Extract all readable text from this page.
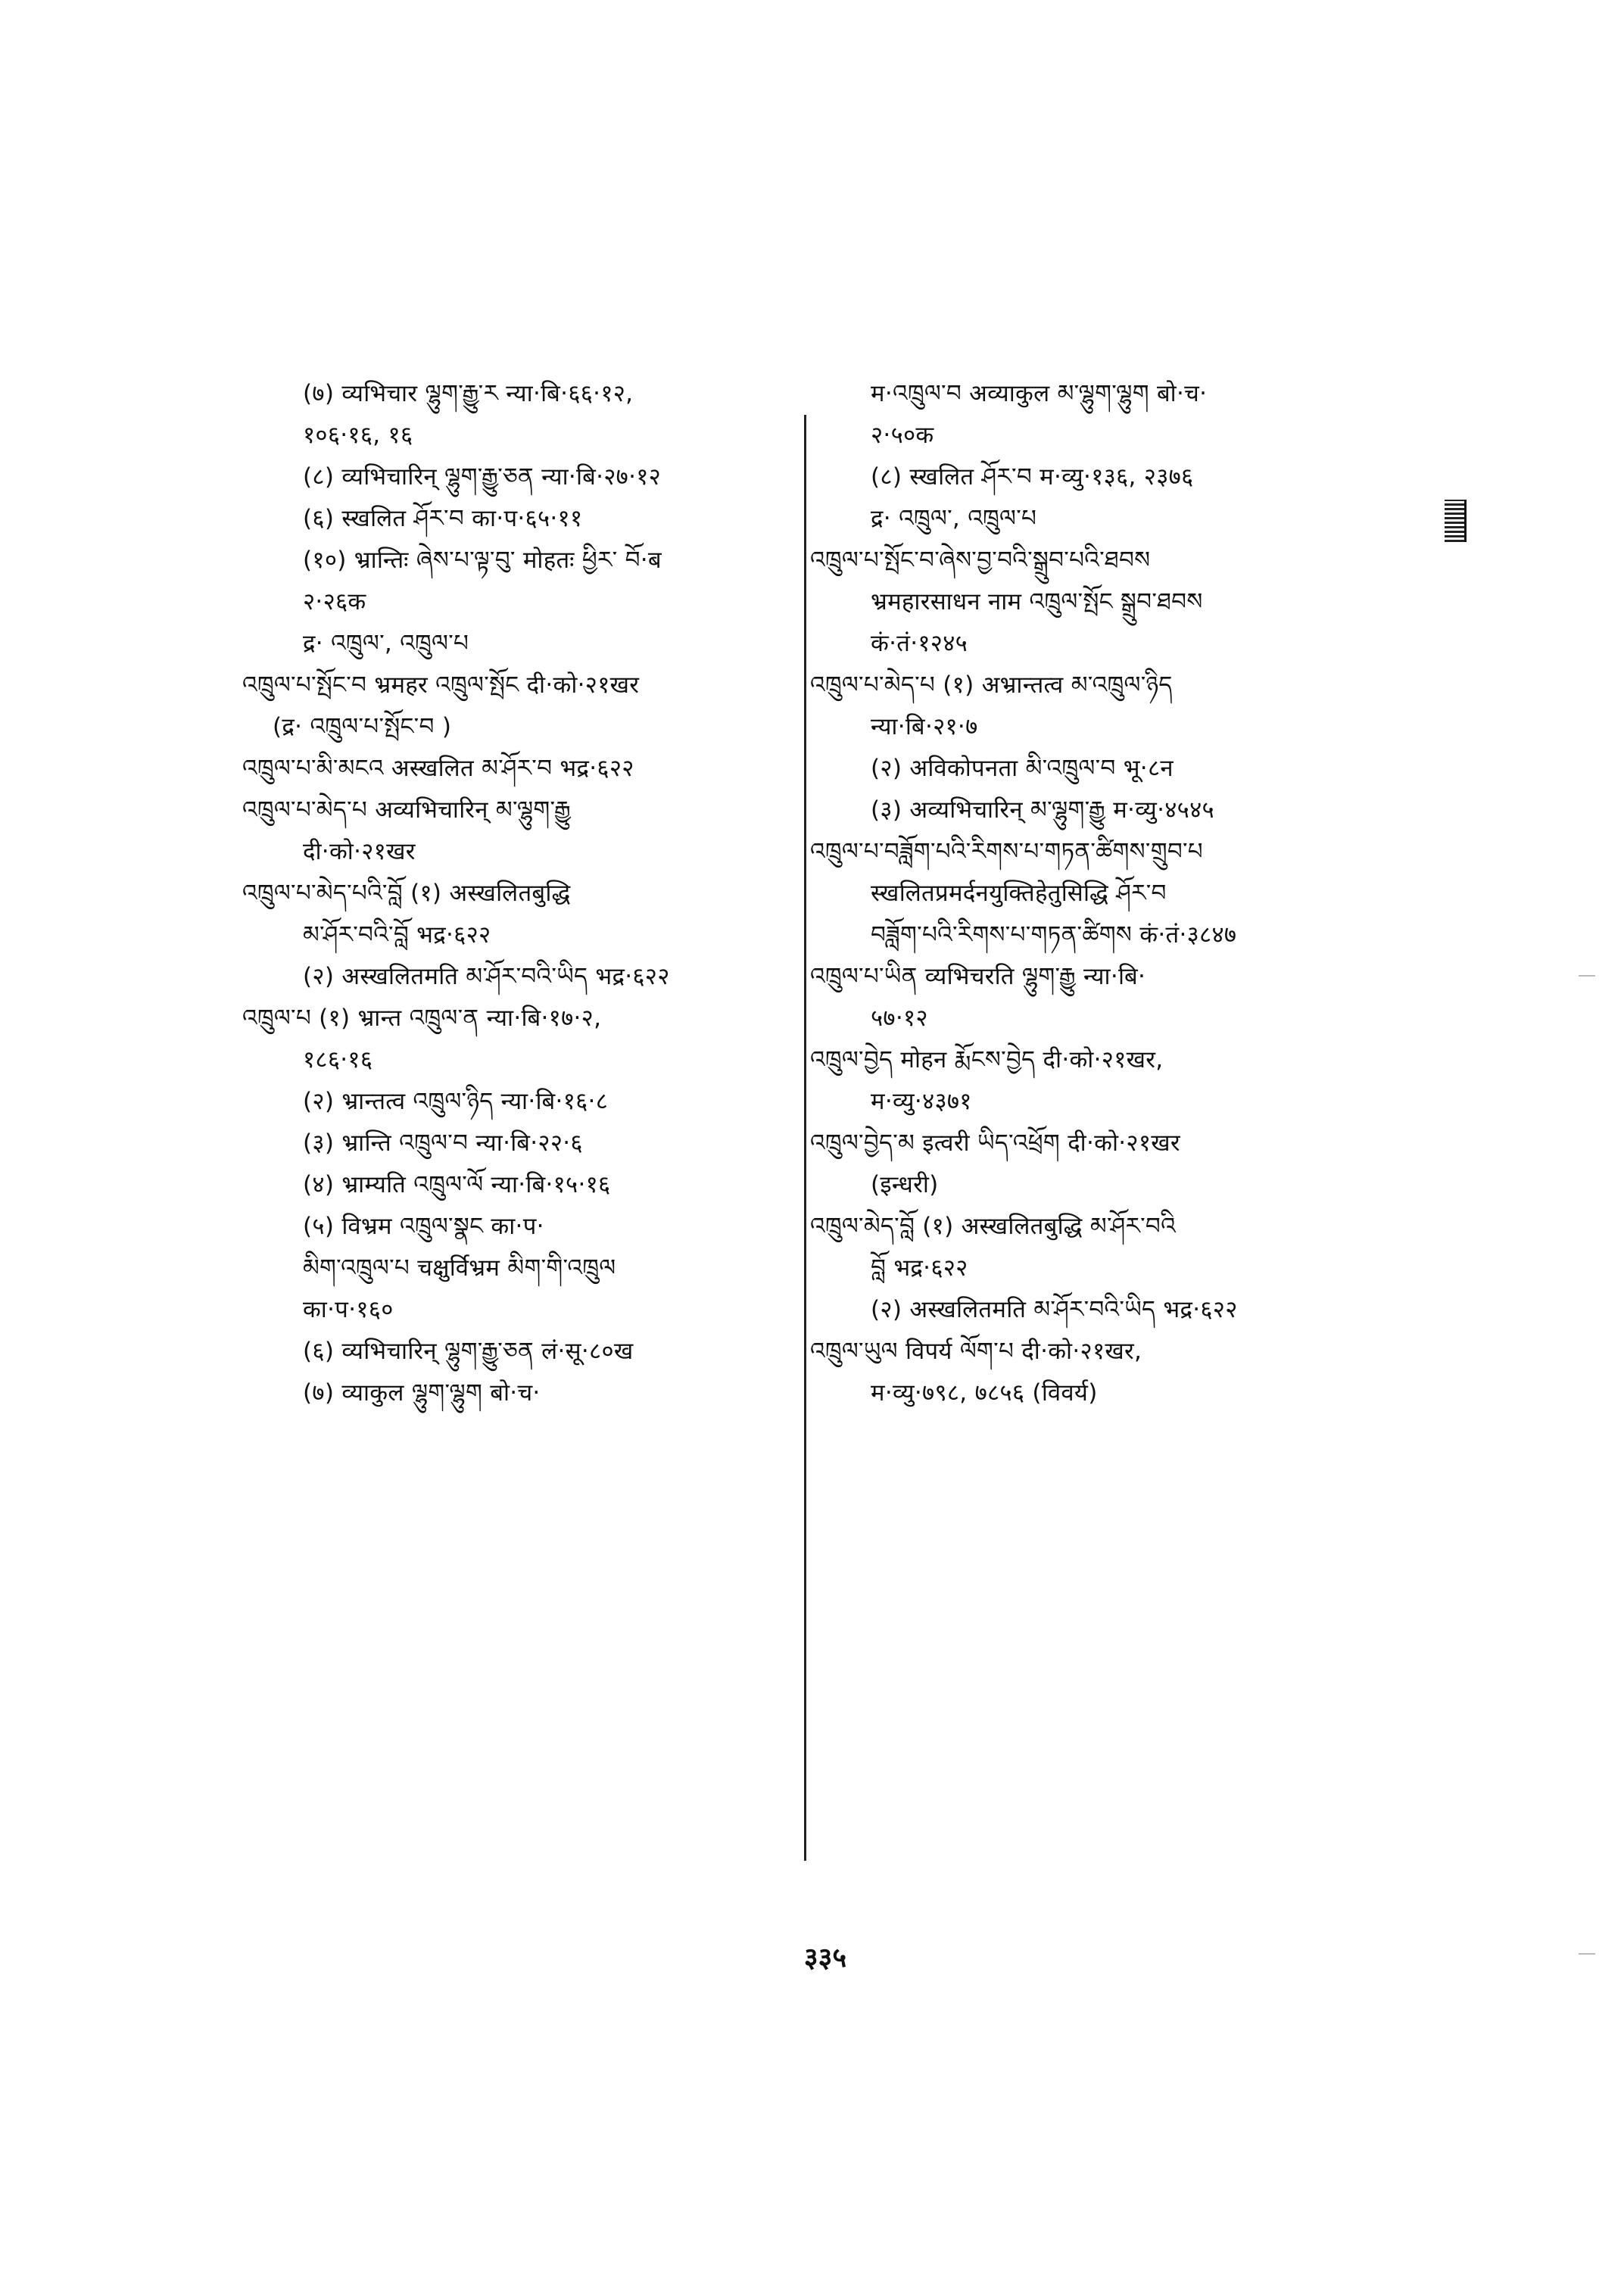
(७) व्यभिचार ལྷུག་རྒྱུ་ར न्या·बि·६६·१२,
१०६·१६, १६
(८) व्यभिचारिन् ལྷུག་རྒྱུ་ཅན न्या·बि·२७·१२
(६) स्खलित ཤོར་བ का·प·६५·११
(१०) भ्रान्तिः ཞེས་པ་ལྟ་བུ་ मोहतः ཕྱིར་ བོ·ब
२·२६क
द्र· འཁྲུལ་, འཁྲུལ་པ
འཁྲུལ་པ་སྤོང་བ भ्रमहर འཁྲུལ་སྤོང दी·को·२१खर
(द्र· འཁྲུལ་པ་སྤོང་བ )
འཁྲུལ་པ་མི་མངའ अस्खलित མ་ཤོར་བ भद्र·६२२
འཁྲུལ་པ་མེད་པ अव्यभिचारिन् མ་ལྷུག་རྒྱུ
दी·को·२१खर
འཁྲུལ་པ་མེད་པའི་བློ (१) अस्खलितबुद्धि
མ་ཤོར་བའི་བློ भद्र·६२२
(२) अस्खलितमति མ་ཤོར་བའི་ཡིད भद्र·६२२
འཁྲུལ་པ (१) भ्रान्त འཁྲུལ་ན न्या·बि·१७·२,
१८६·१६
(२) भ्रान्तत्व འཁྲུལ་ཉིད न्या·बि·१६·८
(३) भ्रान्ति འཁྲུལ་བ न्या·बि·२२·६
(४) भ्राम्यति འཁྲུལ་ལོ न्या·बि·१५·१६
(५) विभ्रम འཁྲུལ་སྣང का·प·
མིག་འཁྲུལ་པ चक्षुर्विभ्रम མིག་གི་འཁྲུལ
का·प·१६०
(६) व्यभिचारिन् ལྷུག་རྒྱུ་ཅན लं·सू·८०ख
(७) व्याकुल ལྷུག་ལྷུག बो·च·
म·འཁྲུལ་བ अव्याकुल མ་ལྷུག་ལྷུག बो·च·
२·५०क
(८) स्खलित ཤོར་བ म·व्यु·१३६, २३७६
द्र· འཁྲུལ་, འཁྲུལ་པ
འཁྲུལ་པ་སྤོང་བ་ཞེས་བྱ་བའི་སྒྲུབ་པའི་ཐབས
भ्रमहारसाधन नाम འཁྲུལ་སྤོང སྒྲུབ་ཐབས
कं·तं·१२४५
འཁྲུལ་པ་མེད་པ (१) अभ्रान्तत्व མ་འཁྲུལ་ཉིད
न्या·बि·२१·७
(२) अविकोपनता མི་འཁྲུལ་བ भू·८न
(३) अव्यभिचारिन् མ་ལྷུག་རྒྱུ म·व्यु·४५४५
འཁྲུལ་པ་བཟློག་པའི་རིགས་པ་གཏན་ཚིགས་གྲུབ་པ
स्खलितप्रमर्दनयुक्तिहेतुसिद्धि ཤོར་བ
བཟློག་པའི་རིགས་པ་གཏན་ཚིགས कं·तं·३८४७
འཁྲུལ་པ་ཡིན व्यभिचरति ལྷུག་རྒྱུ न्या·बि·
५७·१२
འཁྲུལ་བྱེད मोहन རྨོངས་བྱེད दी·को·२१खर,
म·व्यु·४३७१
འཁྲུལ་བྱེད་མ इत्वरी ཡིད་འཕྲོག दी·को·२१खर
(इन्धरी)
འཁྲུལ་མེད་བློ (१) अस्खलितबुद्धि མ་ཤོར་བའི
བློ भद्र·६२२
(२) अस्खलितमति མ་ཤོར་བའི་ཡིད भद्र·६२२
འཁྲུལ་ཡུལ विपर्य ལོག་པ दी·को·२१खर,
म·व्यु·७९८, ७८५६ (विवर्य)
३३५
